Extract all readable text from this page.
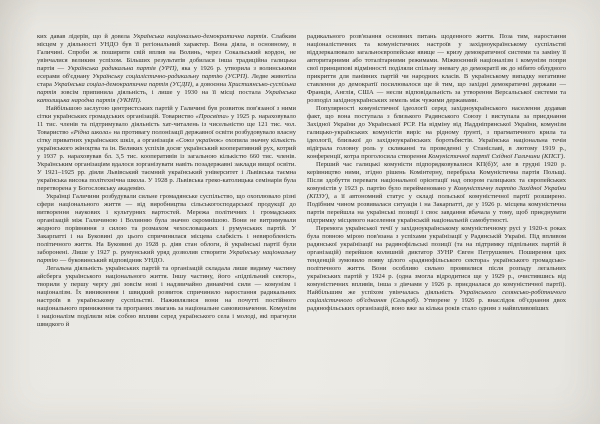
ких давав лідерів, що й довела Українська національно-демократична партія. Слабким місцем у діяльності УНДО був її регіональний характер. Вона діяла, в основному, в Галичині. Спроби ж поширити свій вплив на Волинь, через Сокальський кордон, не увінчалися великим успіхом. Більших результатів добилася інша традиційна галицька партія — Українська радикальна партія (УРП), яка у 1926 р. утворила з волинськими есерами об'єднану Українську соціалістично-радикальну партію (УСРП). Ледве животіла стара Українська соціал-демократична партія (УСДП), а довоєнна Християнсько-суспільна партія зовсім припинила діяльність, і лише у 1930 на її місці постала Українська католицька народна партія (УКНП).

Найбільшою заслугою центристських партій у Галичині був розвиток пов'язаної з ними сітки українських громадських організацій. Товариство «Просвіта» у 1925 р. нараховувало 11 тис. членів та підтримувало діяльність хат-читалень із чисельністю ще 121 тис. чол. Товариство «Рідна школа» на противагу полонізації державної освіти розбудовувало власну сітку приватних українських шкіл, а організація «Союз українок» охопила значну кількість українського жіноцтва та ін. Великих успіхів досяг український кооперативний рух, котрий у 1937 р. нараховував бл. 3,5 тис. кооперативів із загальною кількістю 660 тис. членів. Українським організаціям вдалося зорганізувати навіть позадержавні заклади вищої освіти. У 1921–1925 рр. діяли Львівський таємний український університет і Львівська таємна українська висока політехнічна школа. У 1928 р. Львівська греко-католицька семінарія була перетворена у Богословську академію.

Українці Галичини розбудували сильне громадянське суспільство, що охоплювало різні сфери національного життя — від виробництва сільськогосподарської продукції до витворення наукових і культурних вартостей. Мережа політичних і громадських організацій між Галичиною і Волинню була значно скромнішою. Вони не витримували жодного порівняння з силою та розмахом чехословацьких і румунських партій. У Закарпатті і на Буковині до цього спричинилася місцева слабкість і невиробленість політичного життя. На Буковині до 1928 р. діяв стан облоги, й українські партії були заборонені. Лише у 1927 р. румунський уряд дозволив створити Українську національну партію — буковинський відповідник УНДО.

Легальна діяльність українських партій та організацій складала лише видиму частину айсберга українського національного життя. Іншу частину, його «підпільний сектор», творили у першу чергу дві зовсім нові і надзвичайно динамічні сили — комунізм і націоналізм. Їх виникнення і швидкий розвиток спричинило наростання радикальних настроїв в українському суспільстві. Наживлялися вони на почутті постійного національного приниження та програних змагань за національне самовизначення. Комунізм і націоналізм поділили між собою впливи серед українського села і молоді, які прагнули швидкого й

радикального розв'язання основних питань щоденного життя. Поза тим, наростання націоналістичних та комуністичних настроїв у західноукраїнському суспільстві віддзеркалювало загальноєвропейське явище — кризу демократичної системи та заміну її авторитарними або тоталітарними режимами. Міжвоєнний націоналізм і комунізм попри свої принципові відмінності поділяли спільну зневагу до демократії як до нібито облудного прикриття для панівних партій чи народних класів. В українському випадку негативне ставлення до демократії посилювалося ще й тим, що західні демократичні держави — Франція, Англія, США — несли відповідальність за утворення Версальської системи та розподіл західноукраїнських земель між чужими державами.

Популярності комуністичної ідеології серед західноукраїнського населення додавав факт, що вона поступала з близького Радянського Союзу і виступала за приєднання Західної України до Української РСР. На відміну від Наддніпрянської України, комунізм галицько-українських комуністів виріс на рідному ґрунті, з прагматичного крила та ідеології, близької до західноукраїнських боротьбистів. Українська національна течія відіграла головну роль у скликанні та проведенні у Станіславі, в лютому 1919 р., конференції, котра проголосила створення Комуністичної партії Східної Галичини (КПСГ).

Перший час галицькі комуністи підпорядковувалися КП(б)У, але в грудні 1920 р. керівництво ними, згідно рішень Комінтерну, перебрала Комуністична партія Польщі. Після здобуття переваги національної орієнтації над опором галицьких та європейських комуністів у 1923 р. партію було перейменовано у Комуністичну партію Західної України (КПЗУ), а її автономний статус у складі польської комуністичної партії розширено. Подібним чином розвивалася ситуація і на Закарпатті, де у 1926 р. місцева комуністична партія перейшла на українські позиції і своє завдання вбачала у тому, щоб приєднувати підтримку місцевого населення українській національній самобутності.

Перемога української течії у західноукраїнському комуністичному русі у 1920-х роках була повною мірою пов'язана з успіхами українізації у Радянській Україні. Під впливом радянської українізації на радянофільські позиції (та на підтримку підпільних партій й організацій) перейшов колишній диктатор ЗУНР Євген Петрушевич. Поширення цих тенденцій зумовило появу цілого «радянофільського сектора» українського громадсько-політичного життя. Вони особливо сильно проявилися після розпаду легальних українських партій у 1924 р. (одна змогла відродитися ще у 1929 р., очистившись від комуністичних впливів, інша з діячами у 1926 р. приєдналася до комуністичної партії). Найбільшим же успіхом увінчалась діяльність Українського селянсько-робітничого соціалістичного об'єднання (Сельроб). Утворене у 1926 р. внаслідок об'єднання двох радянофільських організацій, воно вже за кілька років стало одним з найвпливовіших
